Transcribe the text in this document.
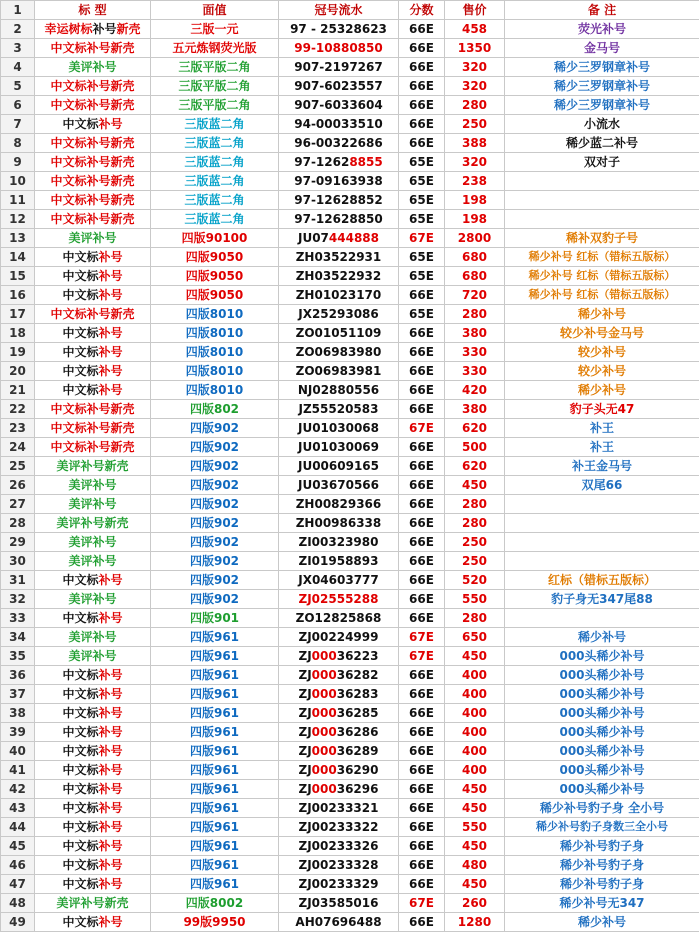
1	标 型	面值	冠号流水	分数	售价	备 注
2	幸运树标补号新壳	三版一元	97 - 25328623	66E	458	荧光补号
3	中文标补号新壳	五元炼钢荧光版	99-10880850	66E	1350	金马号
4	美评补号	三版平版二角	907-2197267	66E	320	稀少三罗钢章补号
5	中文标补号新壳	三版平版二角	907-6023557	66E	320	稀少三罗钢章补号
6	中文标补号新壳	三版平版二角	907-6033604	66E	280	稀少三罗钢章补号
7	中文标补号	三版蓝二角	94-00033510	66E	250	小流水
8	中文标补号新壳	三版蓝二角	96-00322686	66E	388	稀少蓝二补号
9	中文标补号新壳	三版蓝二角	97-12628855	65E	320	双对子
10	中文标补号新壳	三版蓝二角	97-09163938	65E	238	
11	中文标补号新壳	三版蓝二角	97-12628852	65E	198	
12	中文标补号新壳	三版蓝二角	97-12628850	65E	198	
13	美评补号	四版90100	JU07444888	67E	2800	稀补双豹子号
14	中文标补号	四版9050	ZH03522931	65E	680	稀少补号 红标（错标五版标）
15	中文标补号	四版9050	ZH03522932	65E	680	稀少补号 红标（错标五版标）
16	中文标补号	四版9050	ZH01023170	66E	720	稀少补号 红标（错标五版标）
17	中文标补号新壳	四版8010	JX25293086	65E	280	稀少补号
18	中文标补号	四版8010	ZO01051109	66E	380	较少补号金马号
19	中文标补号	四版8010	ZO06983980	66E	330	较少补号
20	中文标补号	四版8010	ZO06983981	66E	330	较少补号
21	中文标补号	四版8010	NJ02880556	66E	420	稀少补号
22	中文标补号新壳	四版802	JZ55520583	66E	380	豹子头无47
23	中文标补号新壳	四版902	JU01030068	67E	620	补王
24	中文标补号新壳	四版902	JU01030069	66E	500	补王
25	美评补号新壳	四版902	JU00609165	66E	620	补王金马号
26	美评补号	四版902	JU03670566	66E	450	双尾66
27	美评补号	四版902	ZH00829366	66E	280	
28	美评补号新壳	四版902	ZH00986338	66E	280	
29	美评补号	四版902	ZI00323980	66E	250	
30	美评补号	四版902	ZI01958893	66E	250	
31	中文标补号	四版902	JX04603777	66E	520	红标（错标五版标）
32	美评补号	四版902	ZJ02555288	66E	550	豹子身无347尾88
33	中文标补号	四版901	ZO12825868	66E	280	
34	美评补号	四版961	ZJ00224999	67E	650	稀少补号
35	美评补号	四版961	ZJ00036223	67E	450	000头稀少补号
36	中文标补号	四版961	ZJ00036282	66E	400	000头稀少补号
37	中文标补号	四版961	ZJ00036283	66E	400	000头稀少补号
38	中文标补号	四版961	ZJ00036285	66E	400	000头稀少补号
39	中文标补号	四版961	ZJ00036286	66E	400	000头稀少补号
40	中文标补号	四版961	ZJ00036289	66E	400	000头稀少补号
41	中文标补号	四版961	ZJ00036290	66E	400	000头稀少补号
42	中文标补号	四版961	ZJ00036296	66E	450	000头稀少补号
43	中文标补号	四版961	ZJ00233321	66E	450	稀少补号豹子身 全小号
44	中文标补号	四版961	ZJ00233322	66E	550	稀少补号豹子身数三全小号
45	中文标补号	四版961	ZJ00233326	66E	450	稀少补号豹子身
46	中文标补号	四版961	ZJ00233328	66E	480	稀少补号豹子身
47	中文标补号	四版961	ZJ00233329	66E	450	稀少补号豹子身
48	美评补号新壳	四版8002	ZJ03585016	67E	260	稀少补号无347
49	中文标补号	99版9950	AH07696488	66E	1280	稀少补号
